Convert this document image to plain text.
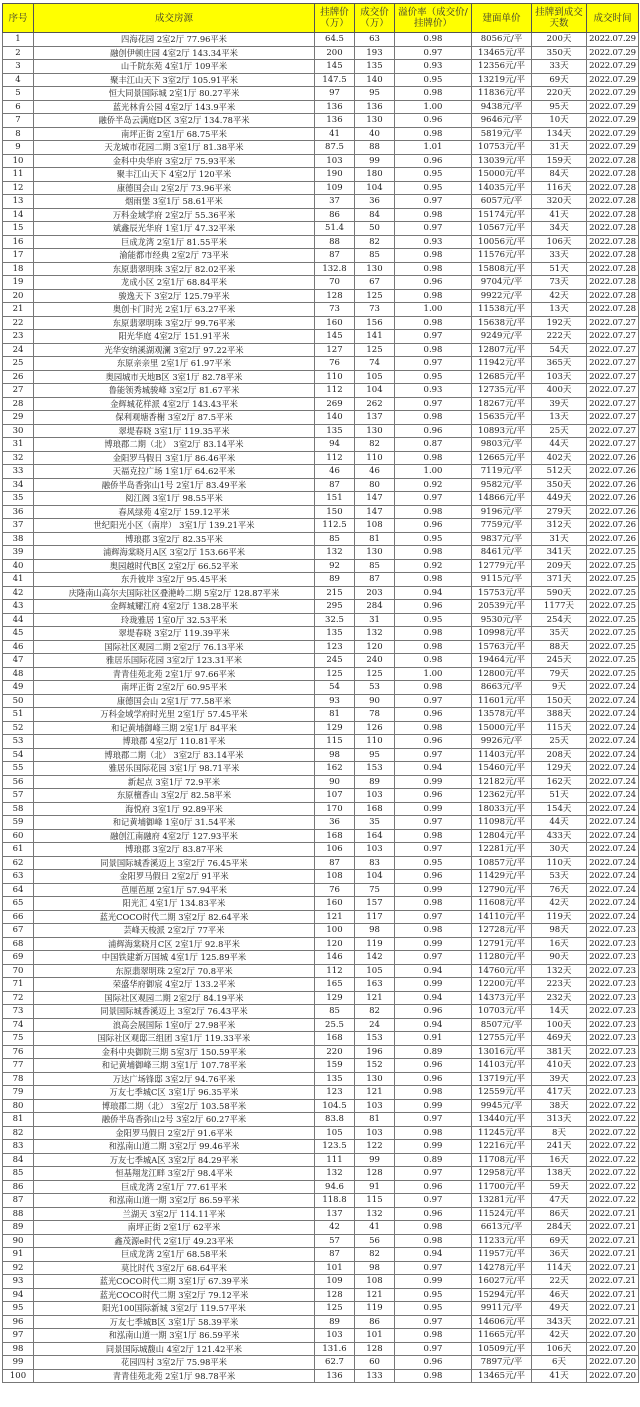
序号	成交房源	挂牌价（万）	成交价（万）	溢价率（成交价/挂牌价）	建面单价	挂牌到成交天数	成交时间
1	四海花园 2室2厅 77.96平米	64.5	63	0.98	8056元/平	200天	2022.07.29
2	融创伊顿庄园 4室2厅 143.34平米	200	193	0.97	13465元/平	350天	2022.07.29
3	山千院东苑 4室1厅 109平米	145	135	0.93	12356元/平	33天	2022.07.29
4	聚丰江山天下 3室2厅 105.91平米	147.5	140	0.95	13219元/平	69天	2022.07.29
5	恒大同景国际城 2室1厅 80.27平米	97	95	0.98	11836元/平	220天	2022.07.29
6	蓝光林肯公园 4室2厅 143.9平米	136	136	1.00	9438元/平	95天	2022.07.29
7	融侨半岛云满庭D区 3室2厅 134.78平米	136	130	0.96	9646元/平	10天	2022.07.29
8	南坪正街 2室1厅 68.75平米	41	40	0.98	5819元/平	134天	2022.07.29
9	天龙城市花园二期 3室1厅 81.38平米	87.5	88	1.01	10753元/平	31天	2022.07.29
10	金科中央华府 3室2厅 75.93平米	103	99	0.96	13039元/平	159天	2022.07.28
11	聚丰江山天下 4室2厅 120平米	190	180	0.95	15000元/平	84天	2022.07.28
12	康德国会山 2室2厅 73.96平米	109	104	0.95	14035元/平	116天	2022.07.28
13	烟雨堡 3室1厅 58.61平米	37	36	0.97	6057元/平	320天	2022.07.28
14	万科金域学府 2室2厅 55.36平米	86	84	0.98	15174元/平	41天	2022.07.28
15	斌鑫辰光华府 1室1厅 47.32平米	51.4	50	0.97	10567元/平	34天	2022.07.28
16	巨成龙湾 2室1厅 81.55平米	88	82	0.93	10056元/平	106天	2022.07.28
17	渝能都市经典 2室2厅 73平米	87	85	0.98	11576元/平	33天	2022.07.28
18	东原翡翠明珠 3室2厅 82.02平米	132.8	130	0.98	15808元/平	51天	2022.07.28
19	龙成小区 2室1厅 68.84平米	70	67	0.96	9704元/平	73天	2022.07.28
20	骏逸天下 3室2厅 125.79平米	128	125	0.98	9922元/平	42天	2022.07.28
21	奥创卡门时光 2室1厅 63.27平米	73	73	1.00	11538元/平	13天	2022.07.28
22	东原翡翠明珠 3室2厅 99.76平米	160	156	0.98	15638元/平	192天	2022.07.27
23	阳光华庭 4室2厅 151.91平米	145	141	0.97	9249元/平	222天	2022.07.27
24	光华安纳溪湖观澜 3室2厅 97.22平米	127	125	0.98	12807元/平	54天	2022.07.27
25	东原亲亲里 2室1厅 61.97平米	76	74	0.97	11942元/平	365天	2022.07.27
26	奥园城市天地B区 3室1厅 82.78平米	110	105	0.95	12685元/平	103天	2022.07.27
27	鲁能领秀城骏峰 3室2厅 81.67平米	112	104	0.93	12735元/平	400天	2022.07.27
28	金辉城花样派 4室2厅 143.43平米	269	262	0.97	18267元/平	39天	2022.07.27
29	保利观塘香榭 3室2厅 87.5平米	140	137	0.98	15635元/平	13天	2022.07.27
30	翠堤春晓 3室1厅 119.35平米	135	130	0.96	10893元/平	25天	2022.07.27
31	博琅郡二期（北） 3室2厅 83.14平米	94	82	0.87	9803元/平	44天	2022.07.27
32	金阳罗马假日 3室1厅 86.46平米	112	110	0.98	12665元/平	402天	2022.07.26
33	天福克拉广场 1室1厅 64.62平米	46	46	1.00	7119元/平	512天	2022.07.26
34	融侨半岛香弥山1号 2室1厅 83.49平米	87	80	0.92	9582元/平	350天	2022.07.26
35	阅江阁 3室1厅 98.55平米	151	147	0.97	14866元/平	449天	2022.07.26
36	春风绿苑 4室2厅 159.12平米	150	147	0.98	9196元/平	279天	2022.07.26
37	世纪阳光小区（南岸） 3室1厅 139.21平米	112.5	108	0.96	7759元/平	312天	2022.07.26
38	博琅郡 3室2厅 82.35平米	85	81	0.95	9837元/平	31天	2022.07.26
39	浦辉海棠晓月A区 3室2厅 153.66平米	132	130	0.98	8461元/平	341天	2022.07.25
40	奥园越时代B区 2室2厅 66.52平米	92	85	0.92	12779元/平	209天	2022.07.25
41	东升彼岸 3室2厅 95.45平米	89	87	0.98	9115元/平	371天	2022.07.25
42	庆隆南山高尔夫国际社区叠滟岭二期 5室2厅 128.87平米	215	203	0.94	15753元/平	590天	2022.07.25
43	金辉城耀江府 4室2厅 138.28平米	295	284	0.96	20539元/平	1177天	2022.07.25
44	玲珑雅居 1室0厅 32.53平米	32.5	31	0.95	9530元/平	254天	2022.07.25
45	翠堤春晓 3室2厅 119.39平米	135	132	0.98	10998元/平	35天	2022.07.25
46	国际社区观园二期 2室2厅 76.13平米	123	120	0.98	15763元/平	88天	2022.07.25
47	雅居乐国际花园 3室2厅 123.31平米	245	240	0.98	19464元/平	245天	2022.07.25
48	青青佳苑北苑 2室1厅 97.66平米	125	125	1.00	12800元/平	79天	2022.07.25
49	南坪正街 2室2厅 60.95平米	54	53	0.98	8663元/平	9天	2022.07.24
50	康德国会山 2室1厅 77.58平米	93	90	0.97	11601元/平	150天	2022.07.24
51	万科金域学府时光里 2室1厅 57.45平米	81	78	0.96	13578元/平	388天	2022.07.24
52	和记黄埔御峰三期 2室1厅 84平米	129	126	0.98	15000元/平	115天	2022.07.24
53	博琅郡 4室2厅 110.81平米	115	110	0.96	9926元/平	25天	2022.07.24
54	博琅郡二期（北） 3室2厅 83.14平米	98	95	0.97	11403元/平	208天	2022.07.24
55	雅居乐国际花园 3室1厅 98.71平米	162	153	0.94	15460元/平	129天	2022.07.24
56	新起点 3室1厅 72.9平米	90	89	0.99	12182元/平	162天	2022.07.24
57	东原檀香山 3室2厅 82.58平米	107	103	0.96	12362元/平	51天	2022.07.24
58	海悦府 3室1厅 92.89平米	170	168	0.99	18033元/平	154天	2022.07.24
59	和记黄埔御峰 1室0厅 31.54平米	36	35	0.97	11098元/平	44天	2022.07.24
60	融创江南融府 4室2厅 127.93平米	168	164	0.98	12804元/平	433天	2022.07.24
61	博琅郡 3室2厅 83.87平米	106	103	0.97	12281元/平	30天	2022.07.24
62	同景国际城香溪迈上 3室2厅 76.45平米	87	83	0.95	10857元/平	110天	2022.07.24
63	金阳罗马假日 2室2厅 91平米	108	104	0.96	11429元/平	53天	2022.07.24
64	芭厘芭厘 2室1厅 57.94平米	76	75	0.99	12790元/平	76天	2022.07.24
65	阳光汇 4室1厅 134.83平米	160	157	0.98	11608元/平	42天	2022.07.24
66	蓝光COCO时代二期 3室2厅 82.64平米	121	117	0.97	14110元/平	119天	2022.07.24
67	芸峰天梭派 2室2厅 77平米	100	98	0.98	12728元/平	98天	2022.07.23
68	浦辉海棠晓月C区 2室1厅 92.8平米	120	119	0.99	12791元/平	16天	2022.07.23
69	中国铁建新万国城 4室1厅 125.89平米	146	142	0.97	11280元/平	90天	2022.07.23
70	东原翡翠明珠 2室2厅 70.8平米	112	105	0.94	14760元/平	132天	2022.07.23
71	荣盛华府御宸 4室2厅 133.2平米	165	163	0.99	12200元/平	223天	2022.07.23
72	国际社区观园二期 2室2厅 84.19平米	129	121	0.94	14373元/平	232天	2022.07.23
73	同景国际城香溪迈上 3室2厅 76.43平米	85	82	0.96	10703元/平	14天	2022.07.23
74	浪高会展国际 1室0厅 27.98平米	25.5	24	0.94	8507元/平	100天	2022.07.23
75	国际社区观邸三组团 3室1厅 119.33平米	168	153	0.91	12755元/平	469天	2022.07.23
76	金科中央御院三期 5室3厅 150.59平米	220	196	0.89	13016元/平	381天	2022.07.23
77	和记黄埔御峰三期 3室1厅 107.78平米	159	152	0.96	14103元/平	410天	2022.07.23
78	万达广场锋邸 3室2厅 94.76平米	135	130	0.96	13719元/平	39天	2022.07.23
79	万友七季城C区 3室1厅 96.35平米	123	121	0.98	12559元/平	417天	2022.07.23
80	博琅郡二期（北） 3室2厅 103.58平米	104.5	103	0.99	9945元/平	38天	2022.07.22
81	融侨半岛香弥山2号 3室2厅 60.27平米	83.8	81	0.97	13440元/平	313天	2022.07.22
82	金阳罗马假日 2室2厅 91.6平米	105	103	0.98	11245元/平	8天	2022.07.22
83	和泓南山道二期 3室2厅 99.46平米	123.5	122	0.99	12216元/平	241天	2022.07.22
84	万友七季城A区 3室2厅 84.29平米	111	99	0.89	11708元/平	16天	2022.07.22
85	恒基翔龙江畔 3室2厅 98.4平米	132	128	0.97	12958元/平	138天	2022.07.22
86	巨成龙湾 2室1厅 77.61平米	94.6	91	0.96	11700元/平	59天	2022.07.22
87	和泓南山道一期 3室2厅 86.59平米	118.8	115	0.97	13281元/平	47天	2022.07.22
88	兰湖天 3室2厅 114.11平米	137	132	0.96	11524元/平	86天	2022.07.21
89	南坪正街 2室1厅 62平米	42	41	0.98	6613元/平	284天	2022.07.21
90	鑫茂源e时代 2室1厅 49.23平米	57	56	0.98	11233元/平	69天	2022.07.21
91	巨成龙湾 2室1厅 68.58平米	87	82	0.94	11957元/平	36天	2022.07.21
92	莫比时代 3室2厅 68.64平米	101	98	0.97	14278元/平	114天	2022.07.21
93	蓝光COCO时代二期 3室1厅 67.39平米	109	108	0.99	16027元/平	22天	2022.07.21
94	蓝光COCO时代二期 3室2厅 79.12平米	128	121	0.95	15294元/平	46天	2022.07.21
95	阳光100国际新城 3室2厅 119.57平米	125	119	0.95	9911元/平	49天	2022.07.21
96	万友七季城B区 3室1厅 58.39平米	89	86	0.97	14606元/平	343天	2022.07.21
97	和泓南山道一期 3室1厅 86.59平米	103	101	0.98	11665元/平	42天	2022.07.20
98	同景国际城馥山 4室2厅 121.42平米	131.6	128	0.97	10509元/平	106天	2022.07.20
99	花园四村 3室2厅 75.98平米	62.7	60	0.96	7897元/平	6天	2022.07.20
100	青青佳苑北苑 2室1厅 98.78平米	136	133	0.98	13465元/平	41天	2022.07.20
